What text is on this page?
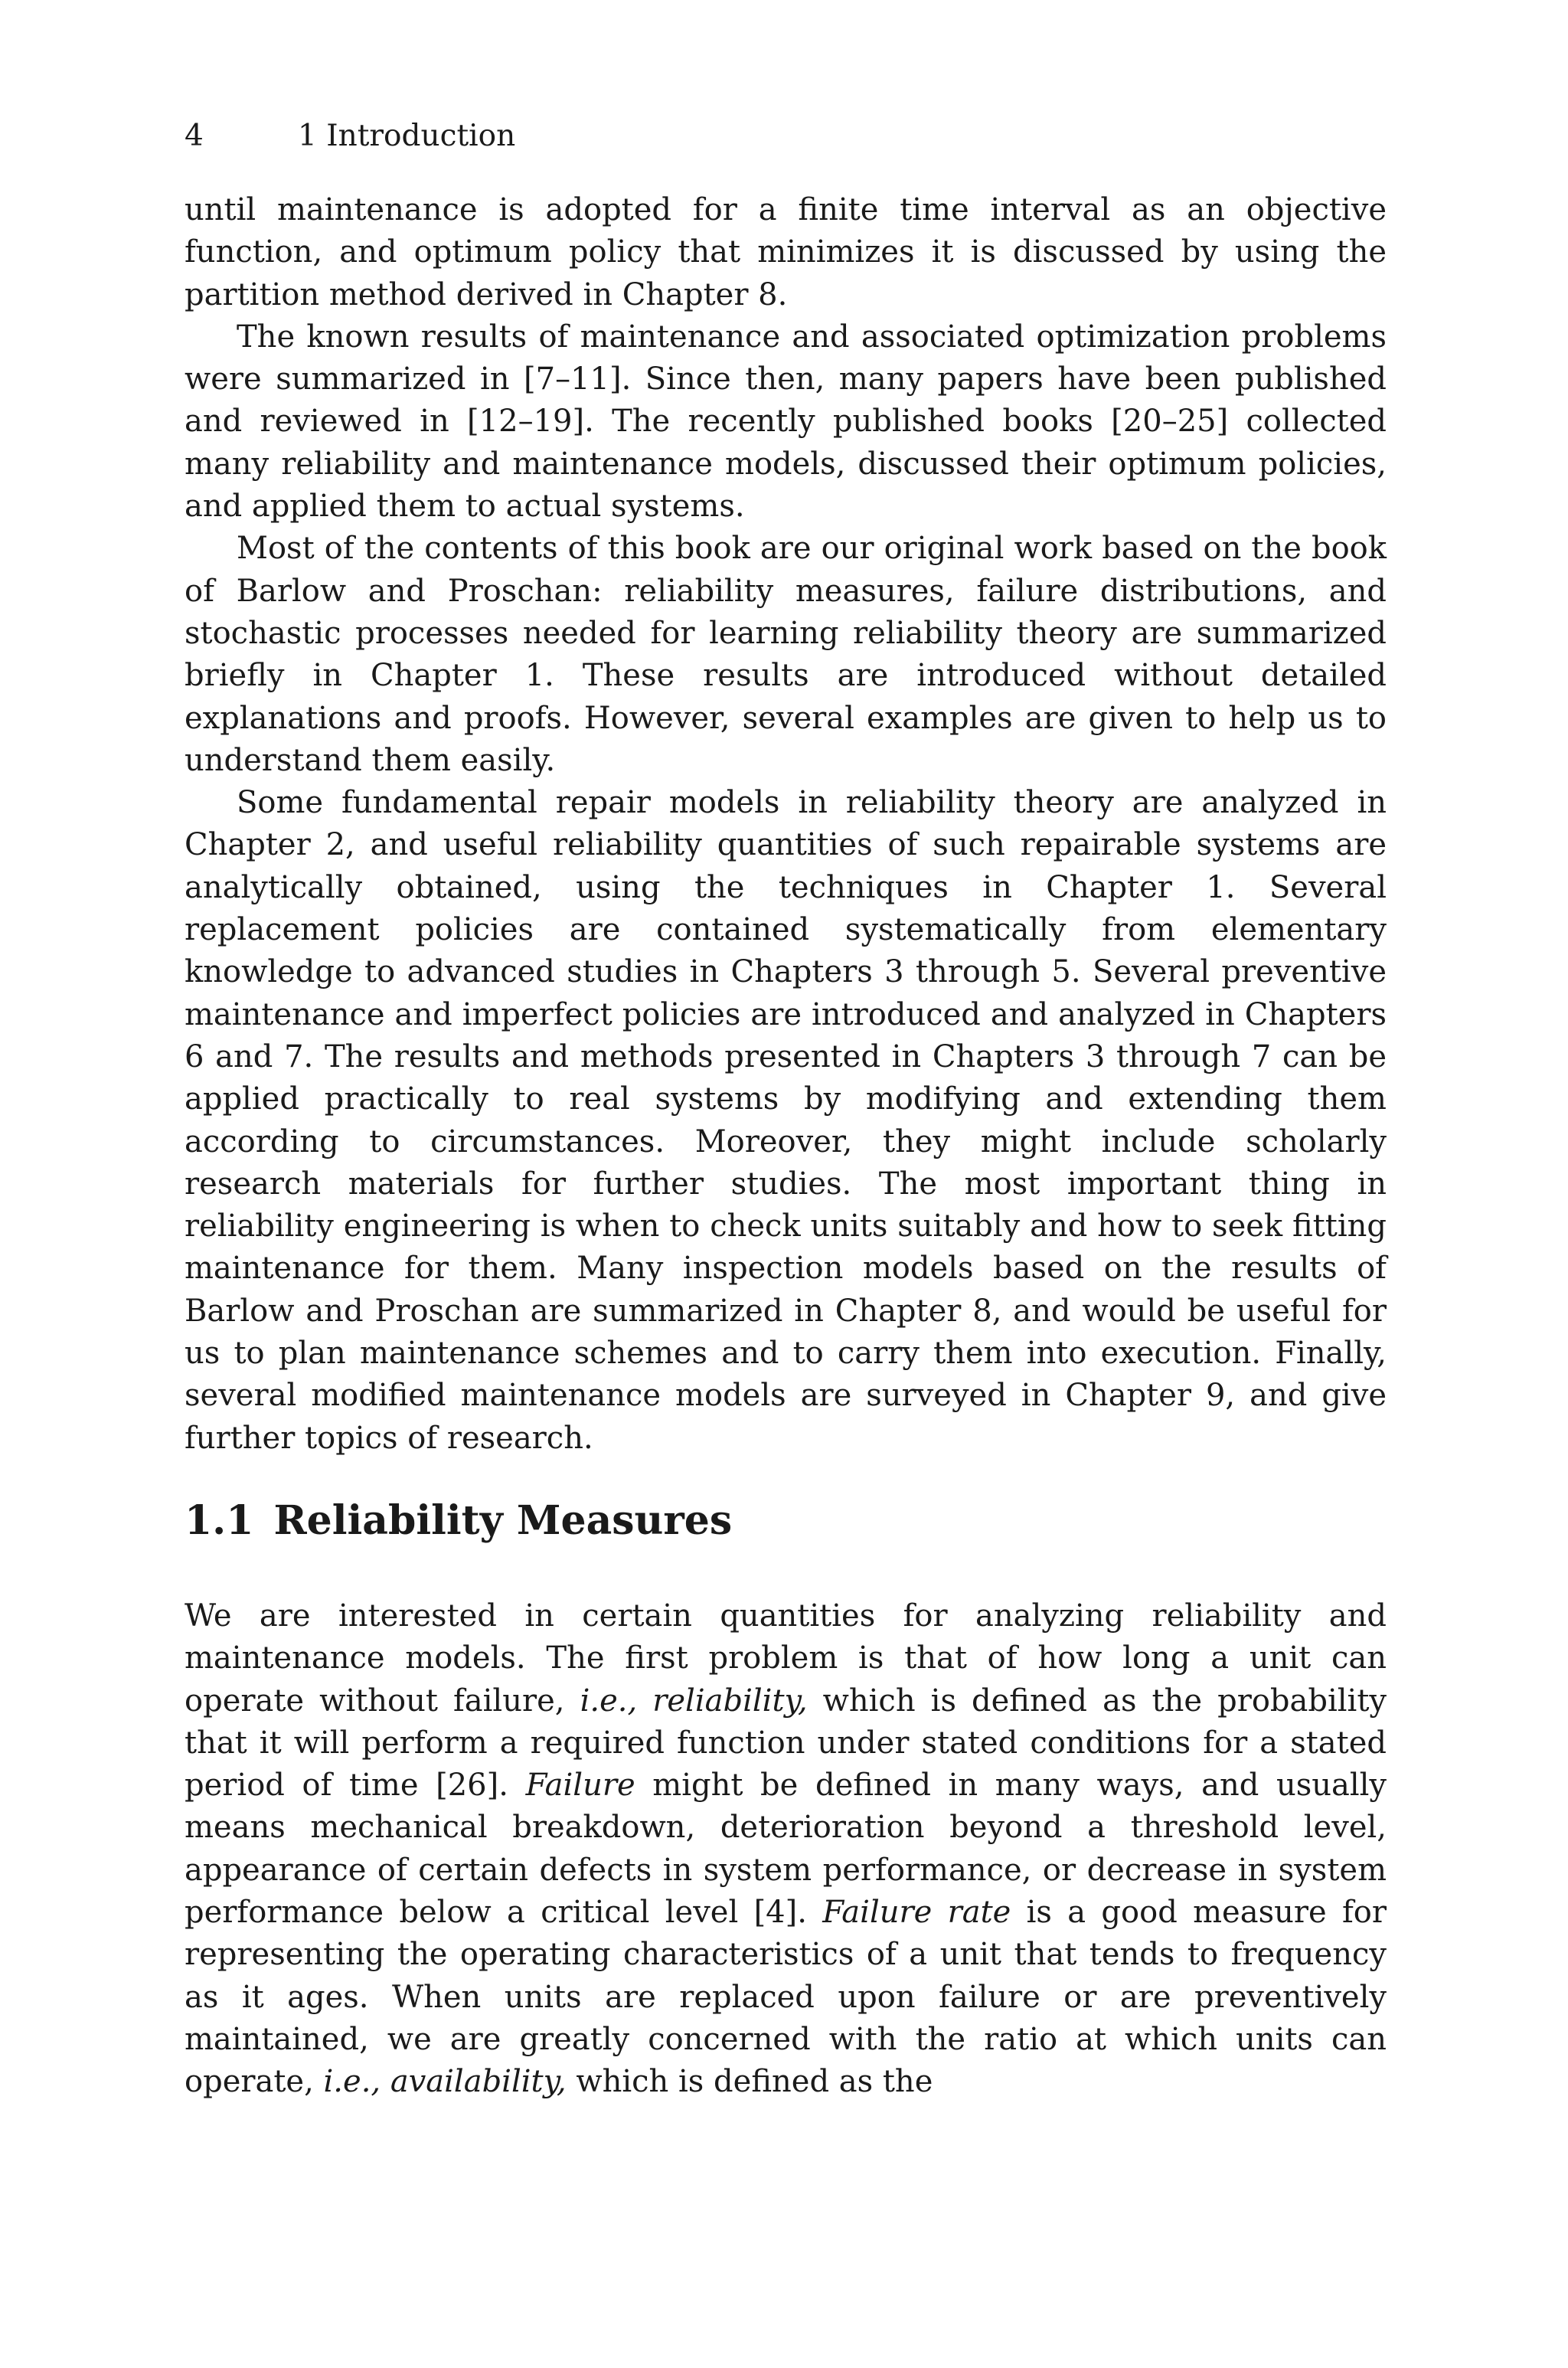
4	1 Introduction

until maintenance is adopted for a finite time interval as an objective function, and optimum policy that minimizes it is discussed by using the partition method derived in Chapter 8.

The known results of maintenance and associated optimization problems were summarized in [7–11]. Since then, many papers have been published and reviewed in [12–19]. The recently published books [20–25] collected many reliability and maintenance models, discussed their optimum policies, and applied them to actual systems.

Most of the contents of this book are our original work based on the book of Barlow and Proschan: reliability measures, failure distributions, and stochastic processes needed for learning reliability theory are summarized briefly in Chapter 1. These results are introduced without detailed explanations and proofs. However, several examples are given to help us to understand them easily.

Some fundamental repair models in reliability theory are analyzed in Chapter 2, and useful reliability quantities of such repairable systems are analytically obtained, using the techniques in Chapter 1. Several replacement policies are contained systematically from elementary knowledge to advanced studies in Chapters 3 through 5. Several preventive maintenance and imperfect policies are introduced and analyzed in Chapters 6 and 7. The results and methods presented in Chapters 3 through 7 can be applied practically to real systems by modifying and extending them according to circumstances. Moreover, they might include scholarly research materials for further studies. The most important thing in reliability engineering is when to check units suitably and how to seek fitting maintenance for them. Many inspection models based on the results of Barlow and Proschan are summarized in Chapter 8, and would be useful for us to plan maintenance schemes and to carry them into execution. Finally, several modified maintenance models are surveyed in Chapter 9, and give further topics of research.

1.1 Reliability Measures

We are interested in certain quantities for analyzing reliability and maintenance models. The first problem is that of how long a unit can operate without failure, i.e., reliability, which is defined as the probability that it will perform a required function under stated conditions for a stated period of time [26]. Failure might be defined in many ways, and usually means mechanical breakdown, deterioration beyond a threshold level, appearance of certain defects in system performance, or decrease in system performance below a critical level [4]. Failure rate is a good measure for representing the operating characteristics of a unit that tends to frequency as it ages. When units are replaced upon failure or are preventively maintained, we are greatly concerned with the ratio at which units can operate, i.e., availability, which is defined as the
